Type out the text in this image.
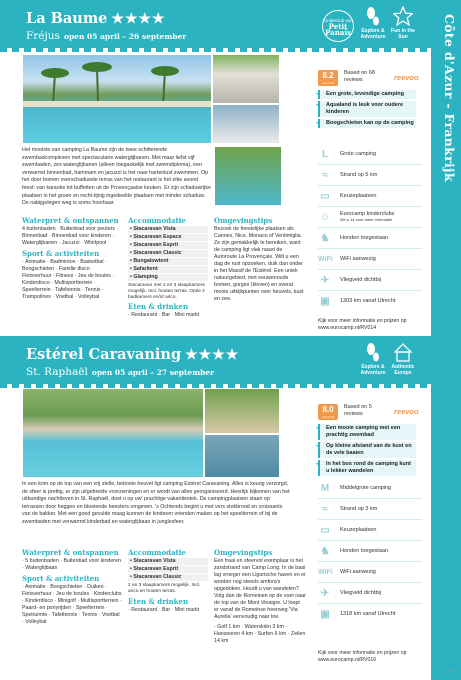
Côte d'Azur - Frankrijk
La Baume ★★★★
Fréjus open 05 april – 26 september
Kinderclub van
Petit Panaïs	Explore & Adventure
Fun in the Sun
Het mooiste van camping La Baume zijn de twee schitterende zwembadcomplexen met spectaculaire waterglijbanen. Met maar liefst vijf zwembaden, zes waterglijbanen (alleen toegankelijk met zwemdiploma), een verwarmd binnenbad, hammam en jacuzzi is het naar hartenlust zwemmen. Op het door bomen overschaduwde terras van het restaurant is het elke avond feest: van karaoke tot buffetten uit de Provençaalse keuken. Er zijn schaduwrijke plaatsen in het groen en recht-tijnig ingedeelde plaatsen met minder schaduw. De nabijgelegen weg is soms hoorbaar.
Waterpret & ontspannen

4 buitenbaden · Buitenbad voor peuters · Binnenbad · Binnenbad voor kinderen · Waterglijbanen · Jacuzzi · Whirlpool

Sport & activiteiten

· Animatie · Badminton · Basketbal · Boogschieten · Familie disco · Fietsverhuur · Fitness · Jeu de boules · Kinderdisco · Multisportterrein · Speelterrein · Tafeltennis · Tennis · Trampolines · Voetbal · Volleybal

Accommodatie
• Stacaravan Vista
• Stacaravan Espace
• Stacaravan Esprit
• Stacaravan Classic
• Bungalowtent
• Safaritent
• Glamping

Stacaravan met 2 en 3 slaapkamers mogelijk. Incl. houten terras. Optie 2 badkamers en/of airco.

Eten & drinken

· Restaurant · Bar · Mini markt

Omgevingstips

Bezoek de feestelijke plaatsen als Cannes, Nice, Monaco of Ventimiglia. Ze zijn gemakkelijk te bereiken, want de camping ligt vlak naast de Autoroute La Provençale. Wilt u een dag de rust opzoeken, duik dan onder in het Massif de l'Estérel. Een uniek natuurgebied, met eeuwenoude bomen, gorges (kloven) en overal mooie uitkijkpunten over heuvels, kust en zee.

8.2
out of 10
Based on 68 reviews	reevoo
✔ Een grote, levendige camping
✔ Aqualand is leuk voor oudere kinderen
✔ Boogschieten kan op de camping
L	Grote camping
≈	Strand op 5 km
▭	Keuzeplaatsen
☺	Eurocamp kinderclubs
Zie p.14 voor meer informatie
♞	Honden toegestaan
WiFi WiFi aanwezig
✈	Vliegveld dichtbij
▣	1303 km vanaf Utrecht
Kijk voor meer informatie en prijzen op www.eurocamp.nl/RV014
Estérel Caravaning ★★★★
St. Raphaël open 05 april – 27 september
Explore & Adventure
Authentic Europe
In een kom op de top van een vrij stelle, beboste heuvel ligt camping Estérel Caravaning. Alles is keurig verzorgd, de sfeer is prettig, er zijn uitgebreide voorzieningen en er wordt van alles georganiseerd. Heerlijk bijkomen van het uitbundige nachtleven in St. Raphaël, doet u op uw' prachtige vakantiestek. De campingplaatsen staan op terrassen door heggen en bloeiende heesters omgeven. 's Ochtends begint u met vers stokbrood en croissants van de bakker. Met een goed gevulde maag kunnen de kinderen vrienden maken op het speelterrein of bij de zwembaden met verwarmd kinderbad en waterglijbaan in junglesfeer.
Waterpret & ontspannen

· 5 buitenbaden · Buitenbad voor kinderen · Waterglijbaan

Sport & activiteiten

· Animatie · Boogschieten · Duiken · Fietsverhuur · Jeu de boules · Kinderclubs · Kinderdisco · Minigolf · Multisportterrein · Paard- en ponyrijden · Speelterrein · Spelruimte · Tafeltennis · Tennis · Voetbal · Volleybal

Accommodatie
• Stacaravan Vista
• Stacaravan Esprit
• Stacaravan Classic

2 en 3 slaapkamers mogelijk. Incl. airco en houten terras.

Eten & drinken

· Restaurant · Bar · Mini markt

Omgevingstips

Een fraai en sfeervol exemplaar is het zandstrand van Camp Long. In de baai lag vroeger een Ligurische haven en er worden nog steeds amfora's opgedoken. Houdt u van wandelen? Volg dan de Romeinen op de voet naar de top van de Mont Vinaigre. U loopt er vanaf de Romeinse heerweg 'Via Aurelia' eenvoudig naar toe.

· Golf 1 km · Waterskiën 3 km · Hanzeoren 4 km · Surfen 6 km · Zeilen 14 km

8.0
out of 10
Based on 5 reviews	reevoo
✔ Een mooie camping met een prachtig zwembad
✔ Op kleine afstand van de kust en de vele baaien
✔ In het bos rond de camping kunt u lekker wandelen
M	Middelgrote camping
≈	Strand op 3 km
▭	Keuzeplaatsen
♞	Honden toegestaan
WiFi WiFi aanwezig
✈	Vliegveld dichtbij
▣	1318 km vanaf Utrecht
Kijk voor meer informatie en prijzen op www.eurocamp.nl/RV016
???
